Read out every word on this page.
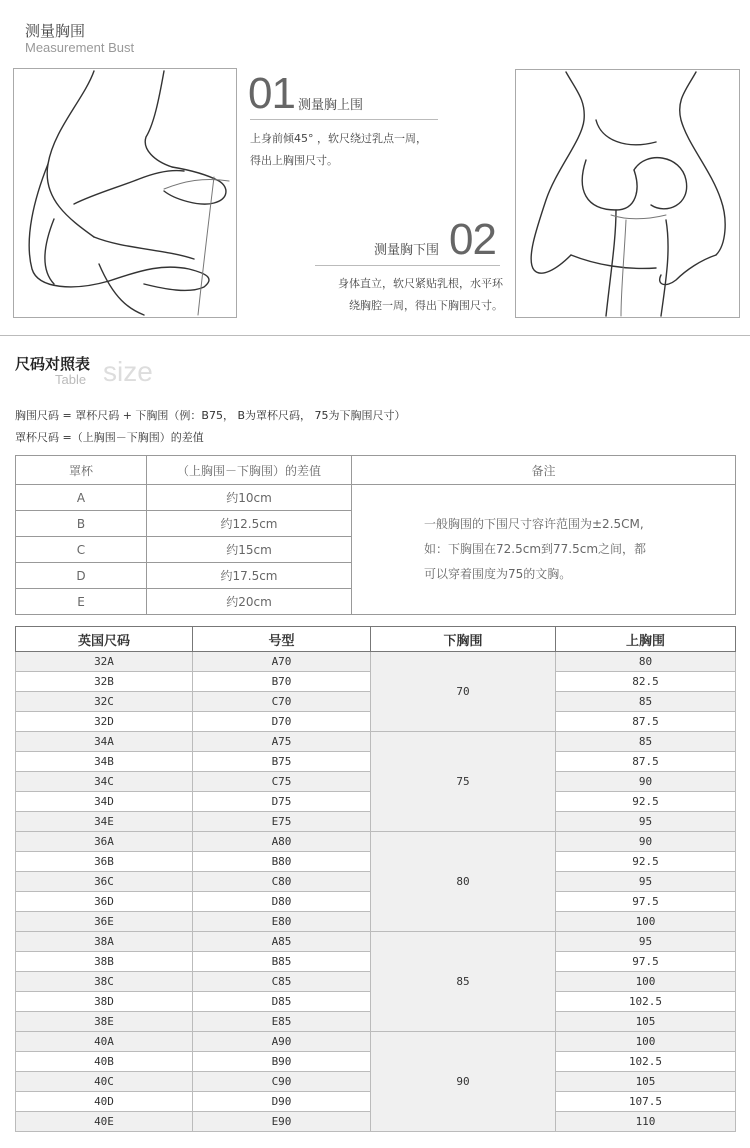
测量胸围
Measurement Bust
01 测量胸上围
上身前倾45° ，软尺绕过乳点一周，
得出上胸围尺寸。
测量胸下围 02
身体直立，软尺紧贴乳根，水平环
绕胸腔一周，得出下胸围尺寸。
size
尺码对照表
Table
胸围尺码 = 罩杯尺码 + 下胸围（例：B75， B为罩杯尺码， 75为下胸围尺寸）
罩杯尺码 =（上胸围－下胸围）的差值
罩杯	（上胸围－下胸围）的差值	备注
A	约10cm	一般胸围的下围尺寸容许范围为±2.5CM,
如：下胸围在72.5cm到77.5cm之间，都
可以穿着围度为75的文胸。

B	约12.5cm	
C	约15cm	
D	约17.5cm	
E	约20cm	
英国尺码	号型	下胸围	上胸围
32A	A70	70	80
32B	B70		82.5
32C	C70		85
32D	D70		87.5
34A	A75	75	85
34B	B75		87.5
34C	C75		90
34D	D75		92.5
34E	E75		95
36A	A80	80	90
36B	B80		92.5
36C	C80		95
36D	D80		97.5
36E	E80		100
38A	A85	85	95
38B	B85		97.5
38C	C85		100
38D	D85		102.5
38E	E85		105
40A	A90	90	100
40B	B90		102.5
40C	C90		105
40D	D90		107.5
40E	E90		110
